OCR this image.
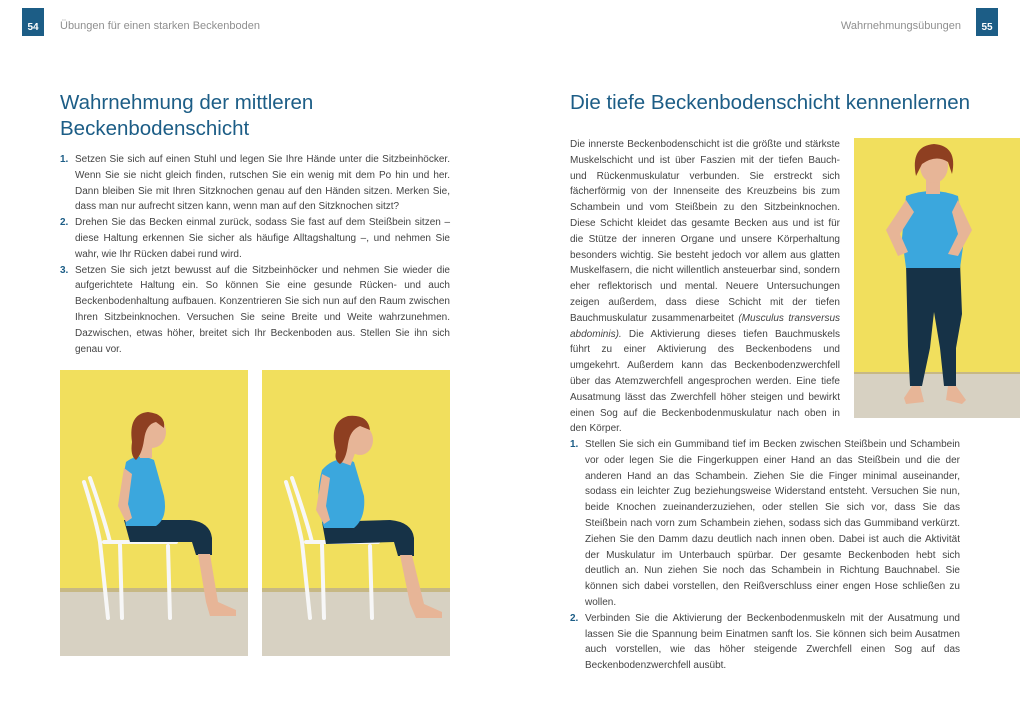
54	Übungen für einen starken Beckenboden	Wahrnehmungsübungen	55
Wahrnehmung der mittleren
Beckenbodenschicht
1. Setzen Sie sich auf einen Stuhl und legen Sie Ihre Hände unter die Sitzbeinhöcker. Wenn Sie sie nicht gleich finden, rutschen Sie ein wenig mit dem Po hin und her. Dann bleiben Sie mit Ihren Sitzknochen genau auf den Händen sitzen. Merken Sie, dass man nur aufrecht sitzen kann, wenn man auf den Sitzknochen sitzt?
2. Drehen Sie das Becken einmal zurück, sodass Sie fast auf dem Steißbein sitzen – diese Haltung erkennen Sie sicher als häufige Alltagshaltung –, und nehmen Sie wahr, wie Ihr Rücken dabei rund wird.
3. Setzen Sie sich jetzt bewusst auf die Sitzbeinhöcker und nehmen Sie wieder die aufgerichtete Haltung ein. So können Sie eine gesunde Rücken- und auch Beckenbodenhaltung aufbauen. Konzentrieren Sie sich nun auf den Raum zwischen Ihren Sitzbeinknochen. Versuchen Sie seine Breite und Weite wahrzunehmen. Dazwischen, etwas höher, breitet sich Ihr Beckenboden aus. Stellen Sie ihn sich genau vor.
Die tiefe Beckenbodenschicht kennenlernen

Die innerste Beckenbodenschicht ist die größte und stärkste Muskelschicht und ist über Faszien mit der tiefen Bauch- und Rückenmuskulatur verbunden. Sie erstreckt sich fächerförmig von der Innenseite des Kreuzbeins bis zum Schambein und vom Steißbein zu den Sitzbeinknochen. Diese Schicht kleidet das gesamte Becken aus und ist für die Stütze der inneren Organe und unsere Körperhaltung besonders wichtig. Sie besteht jedoch vor allem aus glatten Muskelfasern, die nicht willentlich ansteuerbar sind, sondern eher reflektorisch und mental. Neuere Untersuchungen zeigen außerdem, dass diese Schicht mit der tiefen Bauchmuskulatur zusammenarbeitet (Musculus transversus abdominis). Die Aktivierung dieses tiefen Bauchmuskels führt zu einer Aktivierung des Beckenbodens und umgekehrt. Außerdem kann das Beckenbodenzwerchfell über das Atemzwerchfell angesprochen werden. Eine tiefe Ausatmung lässt das Zwerchfell höher steigen und bewirkt einen Sog auf die Beckenbodenmuskulatur nach oben in den Körper.

1. Stellen Sie sich ein Gummiband tief im Becken zwischen Steißbein und Schambein vor oder legen Sie die Fingerkuppen einer Hand an das Steißbein und die der anderen Hand an das Schambein. Ziehen Sie die Finger minimal auseinander, sodass ein leichter Zug beziehungsweise Widerstand entsteht. Versuchen Sie nun, beide Knochen zueinanderzuziehen, oder stellen Sie sich vor, dass Sie das Steißbein nach vorn zum Schambein ziehen, sodass sich das Gummiband verkürzt. Ziehen Sie den Damm dazu deutlich nach innen oben. Dabei ist auch die Aktivität der Muskulatur im Unterbauch spürbar. Der gesamte Beckenboden hebt sich deutlich an. Nun ziehen Sie noch das Schambein in Richtung Bauchnabel. Sie können sich dabei vorstellen, den Reißverschluss einer engen Hose schließen zu wollen.
2. Verbinden Sie die Aktivierung der Beckenbodenmuskeln mit der Ausatmung und lassen Sie die Spannung beim Einatmen sanft los. Sie können sich beim Ausatmen auch vorstellen, wie das höher steigende Zwerchfell einen Sog auf das Beckenbodenzwerchfell ausübt.
